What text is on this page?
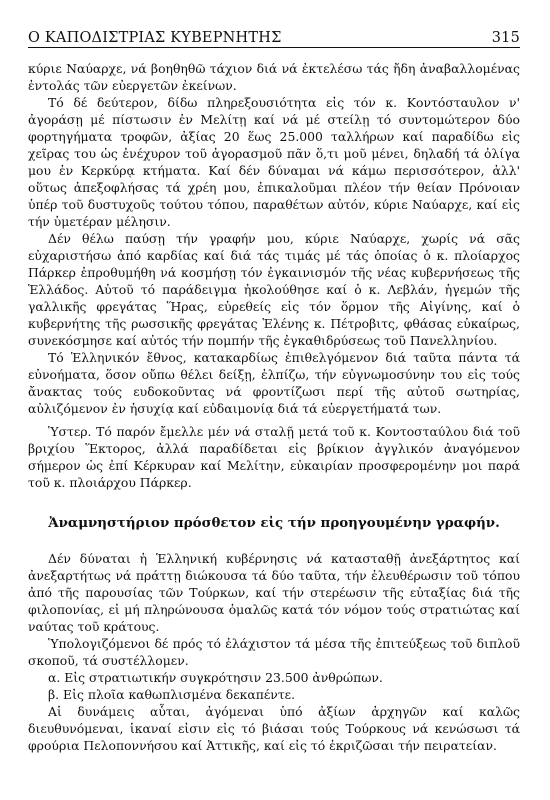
Ο ΚΑΠΟΔΙΣΤΡΙΑΣ ΚΥΒΕΡΝΗΤΗΣ	315

κύριε Ναύαρχε, νά βοηθηθῶ τάχιον διά νά ἐκτελέσω τάς ἤδη ἀναβαλλομένας ἐντολάς τῶν εὐεργετῶν ἐκείνων.

Τό δέ δεύτερον, δίδω πληρεξουσιότητα εἰς τόν κ. Κοντόσταυλον ν' ἀγοράσῃ μέ πίστωσιν ἐν Μελίτῃ καί νά μέ στείλῃ τό συντομώτερον δύο φορτηγήματα τροφῶν, ἀξίας 20 ἕως 25.000 ταλλήρων καί παραδίδω εἰς χεῖρας του ὡς ἐνέχυρον τοῦ ἀγορασμοῦ πᾶν ὅ,τι μοῦ μένει, δηλαδή τά ὀλίγα μου ἐν Κερκύρᾳ κτήματα. Καί δέν δύναμαι νά κάμω περισσότερον, ἀλλ' οὕτως ἀπεξοφλήσας τά χρέη μου, ἐπικαλοῦμαι πλέον τήν θείαν Πρόνοιαν ὑπέρ τοῦ δυστυχοῦς τούτου τόπου, παραθέτων αὐτόν, κύριε Ναύαρχε, καί εἰς τήν ὑμετέραν μέλησιν.

Δέν θέλω παύσῃ τήν γραφήν μου, κύριε Ναύαρχε, χωρίς νά σᾶς εὐχαριστήσω ἀπό καρδίας καί διά τάς τιμάς μέ τάς ὁποίας ὁ κ. πλοίαρχος Πάρκερ ἐπροθυμήθη νά κοσμήσῃ τόν ἐγκαινισμόν τῆς νέας κυβερνήσεως τῆς Ἑλλάδος. Αὐτοῦ τό παράδειγμα ἠκολούθησε καί ὁ κ. Λεβλάν, ἡγεμών τῆς γαλλικῆς φρεγάτας Ἥρας, εὑρεθείς εἰς τόν ὅρμον τῆς Αἰγίνης, καί ὁ κυβερνήτης τῆς ρωσσικῆς φρεγάτας Ἑλένης κ. Πέτροβιτς, φθάσας εὐκαίρως, συνεκόσμησε καί αὐτός τήν πομπήν τῆς ἐγκαθιδρύσεως τοῦ Πανελληνίου.

Τό Ἑλληνικόν ἔθνος, κατακαρδίως ἐπιθελγόμενον διά ταῦτα πάντα τά εὐνοήματα, ὅσον οὔπω θέλει δείξῃ, ἐλπίζω, τήν εὐγνωμοσύνην του εἰς τούς ἄνακτας τούς ευδοκοῦντας νά φροντίζωσι περί τῆς αὐτοῦ σωτηρίας, αὐλιζόμενον ἐν ἡσυχίᾳ καί εὐδαιμονίᾳ διά τά εὐεργετήματά των.

Ὑστερ. Τό παρόν ἔμελλε μέν νά σταλῇ μετά τοῦ κ. Κοντοσταύλου διά τοῦ βριχίου Ἕκτορος, ἀλλά παραδίδεται εἰς βρίκιον ἀγγλικόν ἀναγόμενον σήμερον ὡς ἐπί Κέρκυραν καί Μελίτην, εὐκαιρίαν προσφερομένην μοι παρά τοῦ κ. πλοιάρχου Πάρκερ.

Ἀναμνηστήριον πρόσθετον εἰς τήν προηγουμένην γραφήν.

Δέν δύναται ἡ Ἑλληνική κυβέρνησις νά κατασταθῇ ἀνεξάρτητος καί ἀνεξαρτήτως νά πράττῃ διώκουσα τά δύο ταῦτα, τήν ἐλευθέρωσιν τοῦ τόπου ἀπό τῆς παρουσίας τῶν Τούρκων, καί τήν στερέωσιν τῆς εὐταξίας διά τῆς φιλοπονίας, εἰ μή πληρώνουσα ὁμαλῶς κατά τόν νόμον τούς στρατιώτας καί ναύτας τοῦ κράτους.

Ὑπολογιζόμενοι δέ πρός τό ἐλάχιστον τά μέσα τῆς ἐπιτεύξεως τοῦ διπλοῦ σκοποῦ, τά συστέλλομεν.

α. Εἰς στρατιωτικήν συγκρότησιν 23.500 ἀνθρώπων.

β. Εἰς πλοῖα καθωπλισμένα δεκαπέντε.

Αἱ δυνάμεις αὗται, ἀγόμεναι ὑπό ἀξίων ἀρχηγῶν καί καλῶς διευθυνόμεναι, ἱκαναί εἰσιν εἰς τό βιάσαι τούς Τούρκους νά κενώσωσι τά φρούρια Πελοποννήσου καί Ἀττικῆς, καί εἰς τό ἐκριζῶσαι τήν πειρατείαν.
